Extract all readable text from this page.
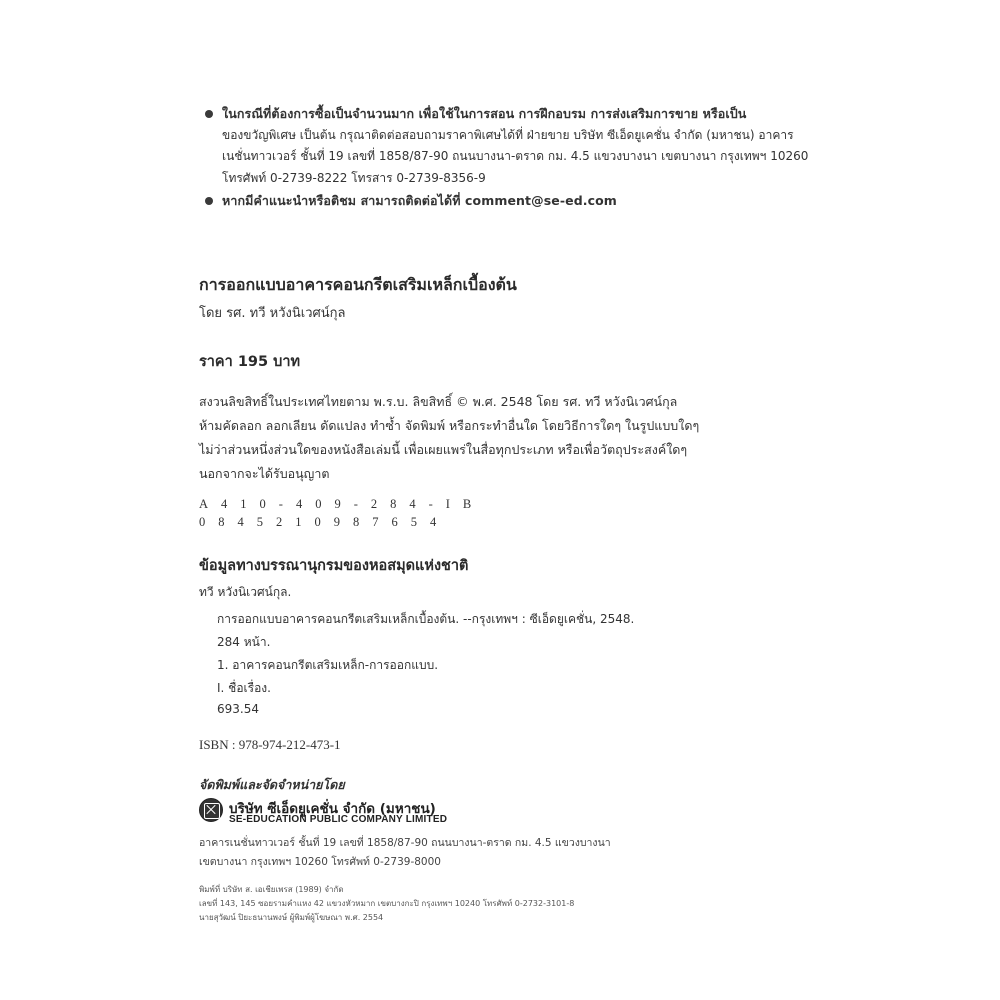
ในกรณีที่ต้องการซื้อเป็นจำนวนมาก เพื่อใช้ในการสอน การฝึกอบรม การส่งเสริมการขาย หรือเป็น
ของขวัญพิเศษ เป็นต้น กรุณาติดต่อสอบถามราคาพิเศษได้ที่ ฝ่ายขาย บริษัท ซีเอ็ดยูเคชั่น จำกัด (มหาชน) อาคาร
เนชั่นทาวเวอร์ ชั้นที่ 19 เลขที่ 1858/87-90 ถนนบางนา-ตราด กม. 4.5 แขวงบางนา เขตบางนา กรุงเทพฯ 10260
โทรศัพท์ 0-2739-8222 โทรสาร 0-2739-8356-9
หากมีคำแนะนำหรือติชม สามารถติดต่อได้ที่ comment@se-ed.com
การออกแบบอาคารคอนกรีตเสริมเหล็กเบื้องต้น
โดย รศ. ทวี หวังนิเวศน์กุล
ราคา 195 บาท
สงวนลิขสิทธิ์ในประเทศไทยตาม พ.ร.บ. ลิขสิทธิ์ © พ.ศ. 2548 โดย รศ. ทวี หวังนิเวศน์กุล
ห้ามคัดลอก ลอกเลียน ดัดแปลง ทำซ้ำ จัดพิมพ์ หรือกระทำอื่นใด โดยวิธีการใดๆ ในรูปแบบใดๆ
ไม่ว่าส่วนหนึ่งส่วนใดของหนังสือเล่มนี้ เพื่อเผยแพร่ในสื่อทุกประเภท หรือเพื่อวัตถุประสงค์ใดๆ
นอกจากจะได้รับอนุญาต
A410-409-284-IB
0845210987654
ข้อมูลทางบรรณานุกรมของหอสมุดแห่งชาติ
ทวี หวังนิเวศน์กุล.
การออกแบบอาคารคอนกรีตเสริมเหล็กเบื้องต้น. --กรุงเทพฯ : ซีเอ็ดยูเคชั่น, 2548.
284 หน้า.
1. อาคารคอนกรีตเสริมเหล็ก-การออกแบบ.
I. ชื่อเรื่อง.
693.54
ISBN : 978-974-212-473-1
จัดพิมพ์และจัดจำหน่ายโดย
บริษัท ซีเอ็ดยูเคชั่น จำกัด (มหาชน)
SE-EDUCATION PUBLIC COMPANY LIMITED
อาคารเนชั่นทาวเวอร์ ชั้นที่ 19 เลขที่ 1858/87-90 ถนนบางนา-ตราด กม. 4.5 แขวงบางนา
เขตบางนา กรุงเทพฯ 10260 โทรศัพท์ 0-2739-8000
พิมพ์ที่ บริษัท ส. เอเชียเพรส (1989) จำกัด
เลขที่ 143, 145 ซอยรามคำแหง 42 แขวงหัวหมาก เขตบางกะปิ กรุงเทพฯ 10240 โทรศัพท์ 0-2732-3101-8
นายสุวัฒน์ ปิยะธนานพงษ์ ผู้พิมพ์ผู้โฆษณา พ.ศ. 2554
